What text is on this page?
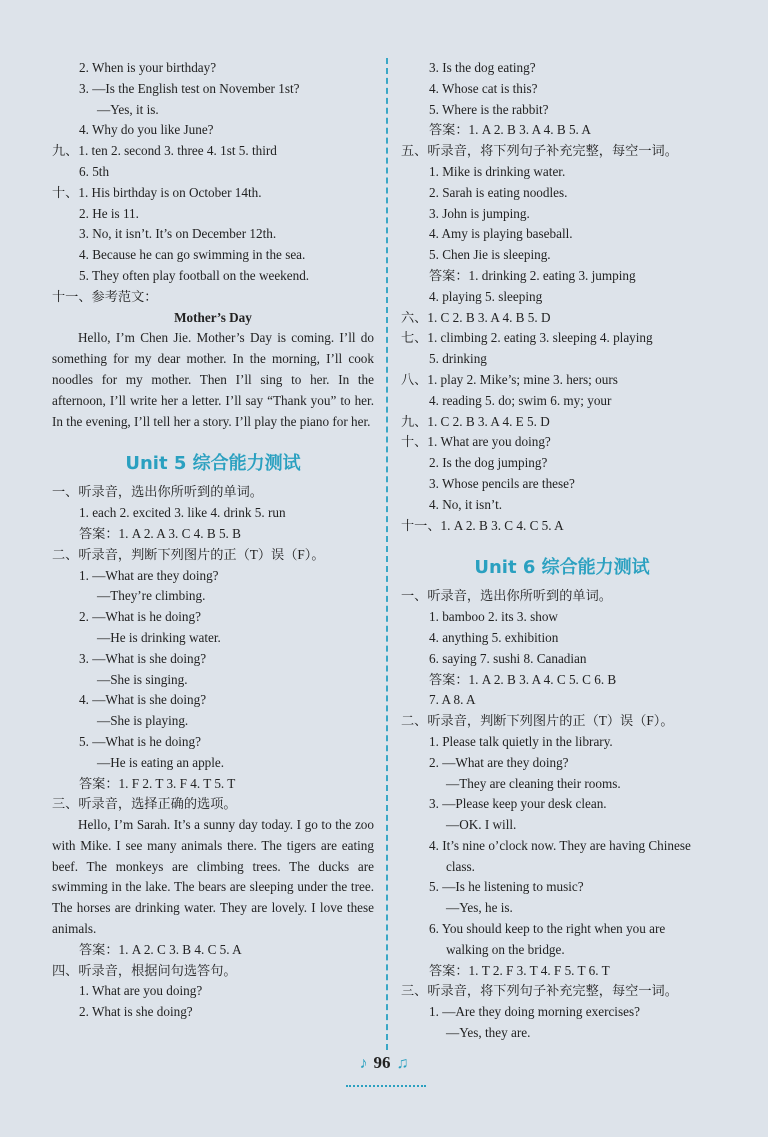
2. When is your birthday?
3. —Is the English test on November 1st?
—Yes, it is.
4. Why do you like June?
九、1. ten 2. second 3. three 4. 1st 5. third
6. 5th
十、1. His birthday is on October 14th.
2. He is 11.
3. No, it isn’t. It’s on December 12th.
4. Because he can go swimming in the sea.
5. They often play football on the weekend.
十一、参考范文：
Mother’s Day

Hello, I’m Chen Jie. Mother’s Day is coming. I’ll do something for my dear mother. In the morning, I’ll cook noodles for my mother. Then I’ll sing to her. In the afternoon, I’ll write her a letter. I’ll say “Thank you” to her. In the evening, I’ll tell her a story. I’ll play the piano for her.

Unit 5 综合能力测试
一、听录音，选出你所听到的单词。
1. each 2. excited 3. like 4. drink 5. run
答案：1. A 2. A 3. C 4. B 5. B
二、听录音，判断下列图片的正（T）误（F）。
1. —What are they doing?
—They’re climbing.
2. —What is he doing?
—He is drinking water.
3. —What is she doing?
—She is singing.
4. —What is she doing?
—She is playing.
5. —What is he doing?
—He is eating an apple.
答案：1. F 2. T 3. F 4. T 5. T
三、听录音，选择正确的选项。

Hello, I’m Sarah. It’s a sunny day today. I go to the zoo with Mike. I see many animals there. The tigers are eating beef. The monkeys are climbing trees. The ducks are swimming in the lake. The bears are sleeping under the tree. The horses are drinking water. They are lovely. I love these animals.

答案：1. A 2. C 3. B 4. C 5. A
四、听录音，根据问句选答句。
1. What are you doing?
2. What is she doing?
3. Is the dog eating?
4. Whose cat is this?
5. Where is the rabbit?
答案：1. A 2. B 3. A 4. B 5. A
五、听录音，将下列句子补充完整，每空一词。
1. Mike is drinking water.
2. Sarah is eating noodles.
3. John is jumping.
4. Amy is playing baseball.
5. Chen Jie is sleeping.
答案：1. drinking 2. eating 3. jumping
4. playing 5. sleeping
六、1. C 2. B 3. A 4. B 5. D
七、1. climbing 2. eating 3. sleeping 4. playing
5. drinking
八、1. play 2. Mike’s; mine 3. hers; ours
4. reading 5. do; swim 6. my; your
九、1. C 2. B 3. A 4. E 5. D
十、1. What are you doing?
2. Is the dog jumping?
3. Whose pencils are these?
4. No, it isn’t.
十一、1. A 2. B 3. C 4. C 5. A
Unit 6 综合能力测试
一、听录音，选出你所听到的单词。
1. bamboo 2. its 3. show
4. anything 5. exhibition
6. saying 7. sushi 8. Canadian
答案：1. A 2. B 3. A 4. C 5. C 6. B
7. A 8. A
二、听录音，判断下列图片的正（T）误（F）。
1. Please talk quietly in the library.
2. —What are they doing?
—They are cleaning their rooms.
3. —Please keep your desk clean.
—OK. I will.
4. It’s nine o’clock now. They are having Chinese
class.
5. —Is he listening to music?
—Yes, he is.
6. You should keep to the right when you are
walking on the bridge.
答案：1. T 2. F 3. T 4. F 5. T 6. T
三、听录音，将下列句子补充完整，每空一词。
1. —Are they doing morning exercises?
—Yes, they are.
♪ 96 ♫
